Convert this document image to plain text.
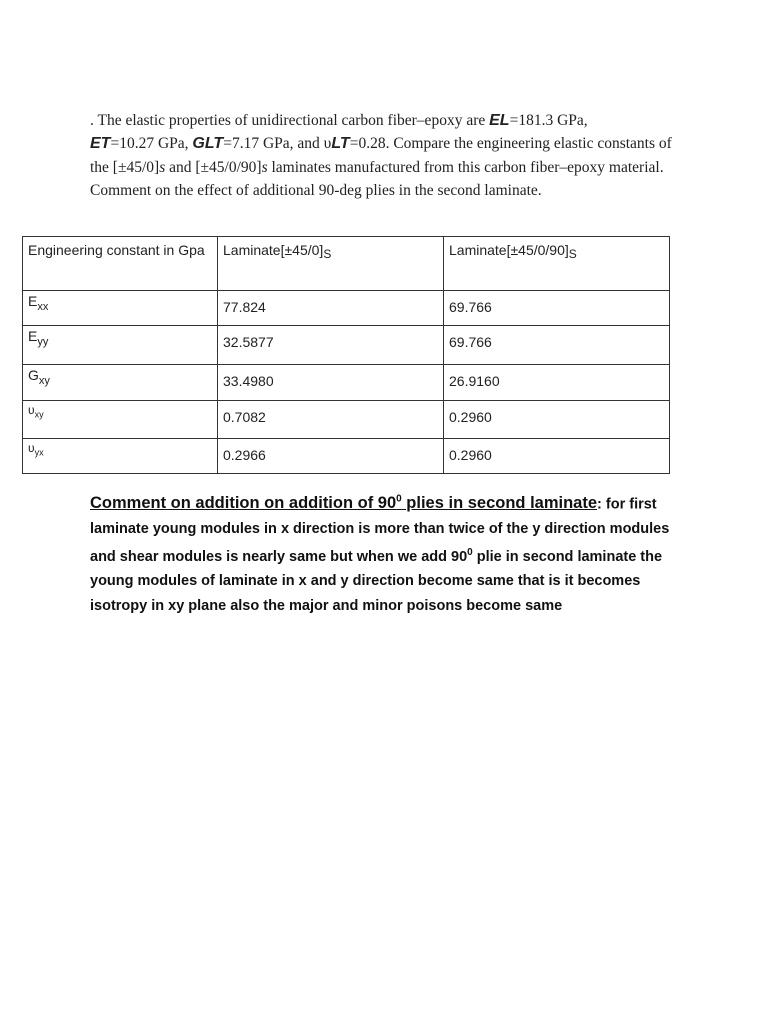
. The elastic properties of unidirectional carbon fiber–epoxy are EL=181.3 GPa,
ET=10.27 GPa, GLT=7.17 GPa, and υLT=0.28. Compare the engineering elastic constants of the [±45/0]s and [±45/0/90]s laminates manufactured from this carbon fiber–epoxy material. Comment on the effect of additional 90-deg plies in the second laminate.

Engineering constant in Gpa	Laminate[±45/0]S	Laminate[±45/0/90]S
$E_{xx}$	77.824	69.766
$E_{yy}$	32.5877	69.766
$G_{xy}$	33.4980	26.9160
$\upsilon_{xy}$	0.7082	0.2960
$\upsilon_{yx}$	0.2966	0.2960

Comment on addition on addition of $90^0$ plies in second laminate: for first laminate young modules in x direction is more than twice of the y direction modules and shear modules is nearly same but when we add $90^0$ plie in second laminate the young modules of laminate in x and y direction become same that is it becomes isotropy in xy plane also the major and minor poisons become same
